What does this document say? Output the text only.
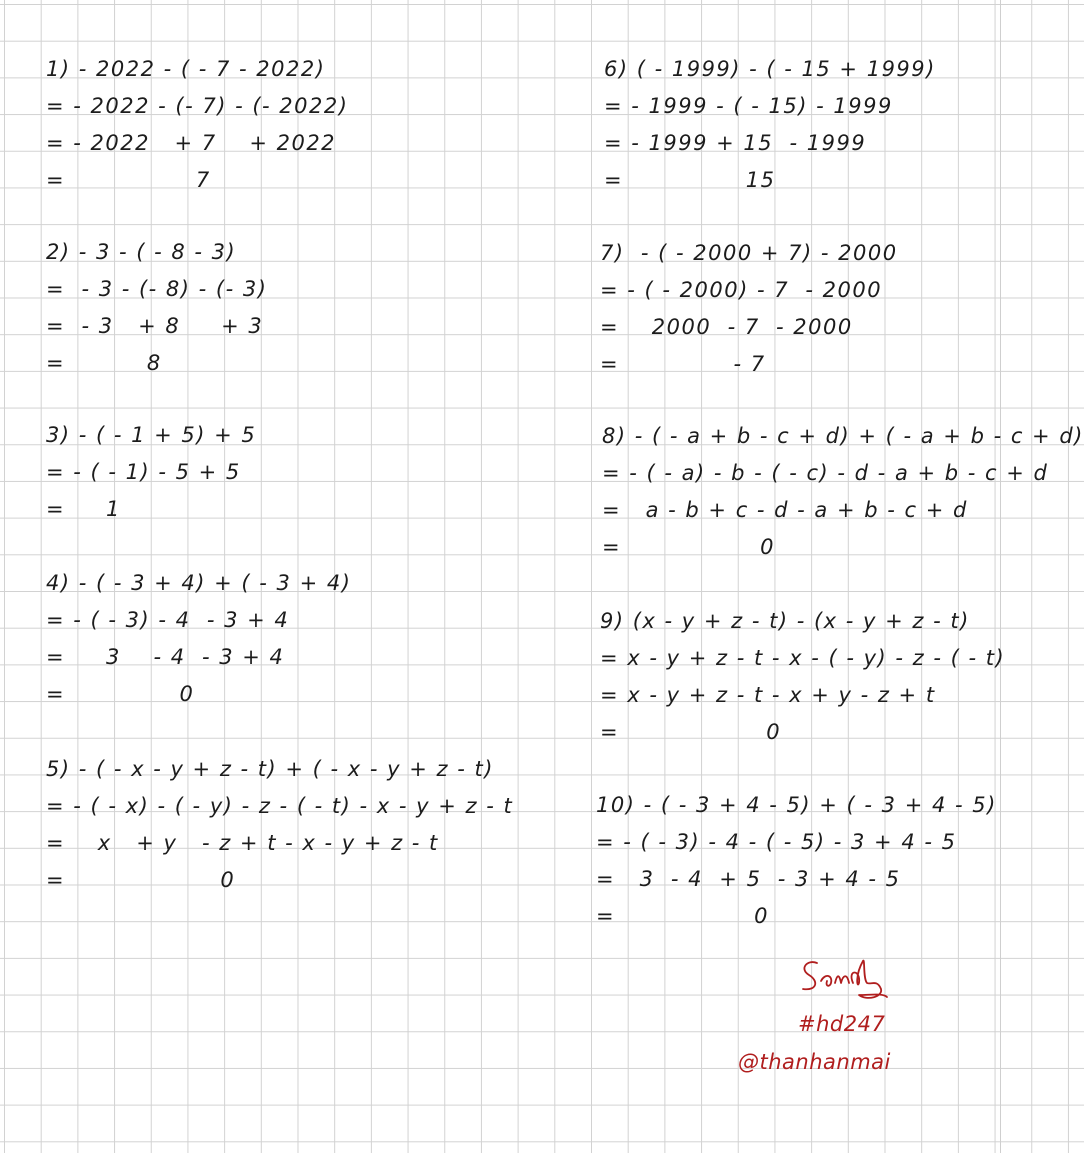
1) - 2022 - ( - 7 - 2022)
= - 2022 - (- 7) - (- 2022)
= - 2022   + 7    + 2022
=                7
2) - 3 - ( - 8 - 3)
=  - 3 - (- 8) - (- 3)
=  - 3   + 8     + 3
=          8
3) - ( - 1 + 5) + 5
= - ( - 1) - 5 + 5
=     1
4) - ( - 3 + 4) + ( - 3 + 4)
= - ( - 3) - 4  - 3 + 4
=     3    - 4  - 3 + 4
=              0
5) - ( - x - y + z - t) + ( - x - y + z - t)
= - ( - x) - ( - y) - z - ( - t) - x - y + z - t
=    x   + y   - z + t - x - y + z - t
=                   0
6) ( - 1999) - ( - 15 + 1999)
= - 1999 - ( - 15) - 1999
= - 1999 + 15  - 1999
=               15
7)  - ( - 2000 + 7) - 2000
= - ( - 2000) - 7  - 2000
=    2000  - 7  - 2000
=              - 7
8) - ( - a + b - c + d) + ( - a + b - c + d)
= - ( - a) - b - ( - c) - d - a + b - c + d
=   a - b + c - d - a + b - c + d
=                 0
9) (x - y + z - t) - (x - y + z - t)
= x - y + z - t - x - ( - y) - z - ( - t)
= x - y + z - t - x + y - z + t
=                  0
10) - ( - 3 + 4 - 5) + ( - 3 + 4 - 5)
= - ( - 3) - 4 - ( - 5) - 3 + 4 - 5
=   3  - 4  + 5  - 3 + 4 - 5
=                 0
#hd247
@thanhanmai
